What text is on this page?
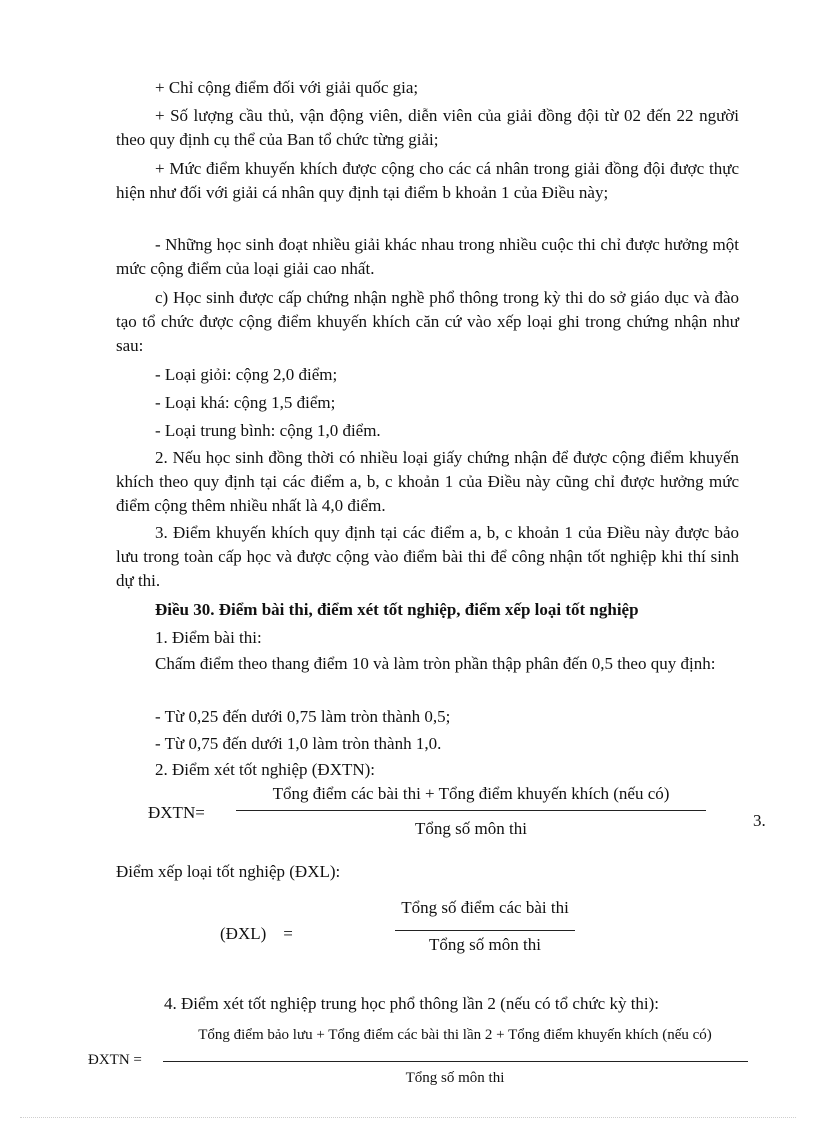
+ Chỉ cộng điểm đối với giải quốc gia;

+ Số lượng cầu thủ, vận động viên, diễn viên của giải đồng đội từ 02 đến 22 người theo quy định cụ thể của Ban tổ chức từng giải;

+ Mức điểm khuyến khích được cộng cho các cá nhân trong giải đồng đội được thực hiện như đối với giải cá nhân quy định tại điểm b khoản 1 của Điều này;

- Những học sinh đoạt nhiều giải khác nhau trong nhiều cuộc thi chỉ được hưởng một mức cộng điểm của loại giải cao nhất.

c) Học sinh được cấp chứng nhận nghề phổ thông trong kỳ thi do sở giáo dục và đào tạo tổ chức được cộng điểm khuyến khích căn cứ vào xếp loại ghi trong chứng nhận như sau:

- Loại giỏi: cộng 2,0 điểm;
- Loại khá: cộng 1,5 điểm;
- Loại trung bình: cộng 1,0 điểm.

2. Nếu học sinh đồng thời có nhiều loại giấy chứng nhận để được cộng điểm khuyến khích theo quy định tại các điểm a, b, c khoản 1 của Điều này cũng chỉ được hưởng mức điểm cộng thêm nhiều nhất là 4,0 điểm.

3. Điểm khuyến khích quy định tại các điểm a, b, c khoản 1 của Điều này được bảo lưu trong toàn cấp học và được cộng vào điểm bài thi để công nhận tốt nghiệp khi thí sinh dự thi.

Điều 30. Điểm bài thi, điểm xét tốt nghiệp, điểm xếp loại tốt nghiệp
1. Điểm bài thi:

Chấm điểm theo thang điểm 10 và làm tròn phần thập phân đến 0,5 theo quy định:

- Từ 0,25 đến dưới 0,75 làm tròn thành 0,5;
- Từ 0,75 đến dưới 1,0 làm tròn thành 1,0.
2. Điểm xét tốt nghiệp (ĐXTN):
ĐXTN=
Tổng điểm các bài thi + Tổng điểm khuyến khích (nếu có)
Tổng số môn thi	3.
Điểm xếp loại tốt nghiệp (ĐXL):
(ĐXL)    =
Tổng số điểm các bài thi
Tổng số môn thi
4. Điểm xét tốt nghiệp trung học phổ thông lần 2 (nếu có tổ chức kỳ thi):
ĐXTN =
Tổng điểm bảo lưu + Tổng điểm các bài thi lần 2 + Tổng điểm khuyến khích (nếu có)
Tổng số môn thi
